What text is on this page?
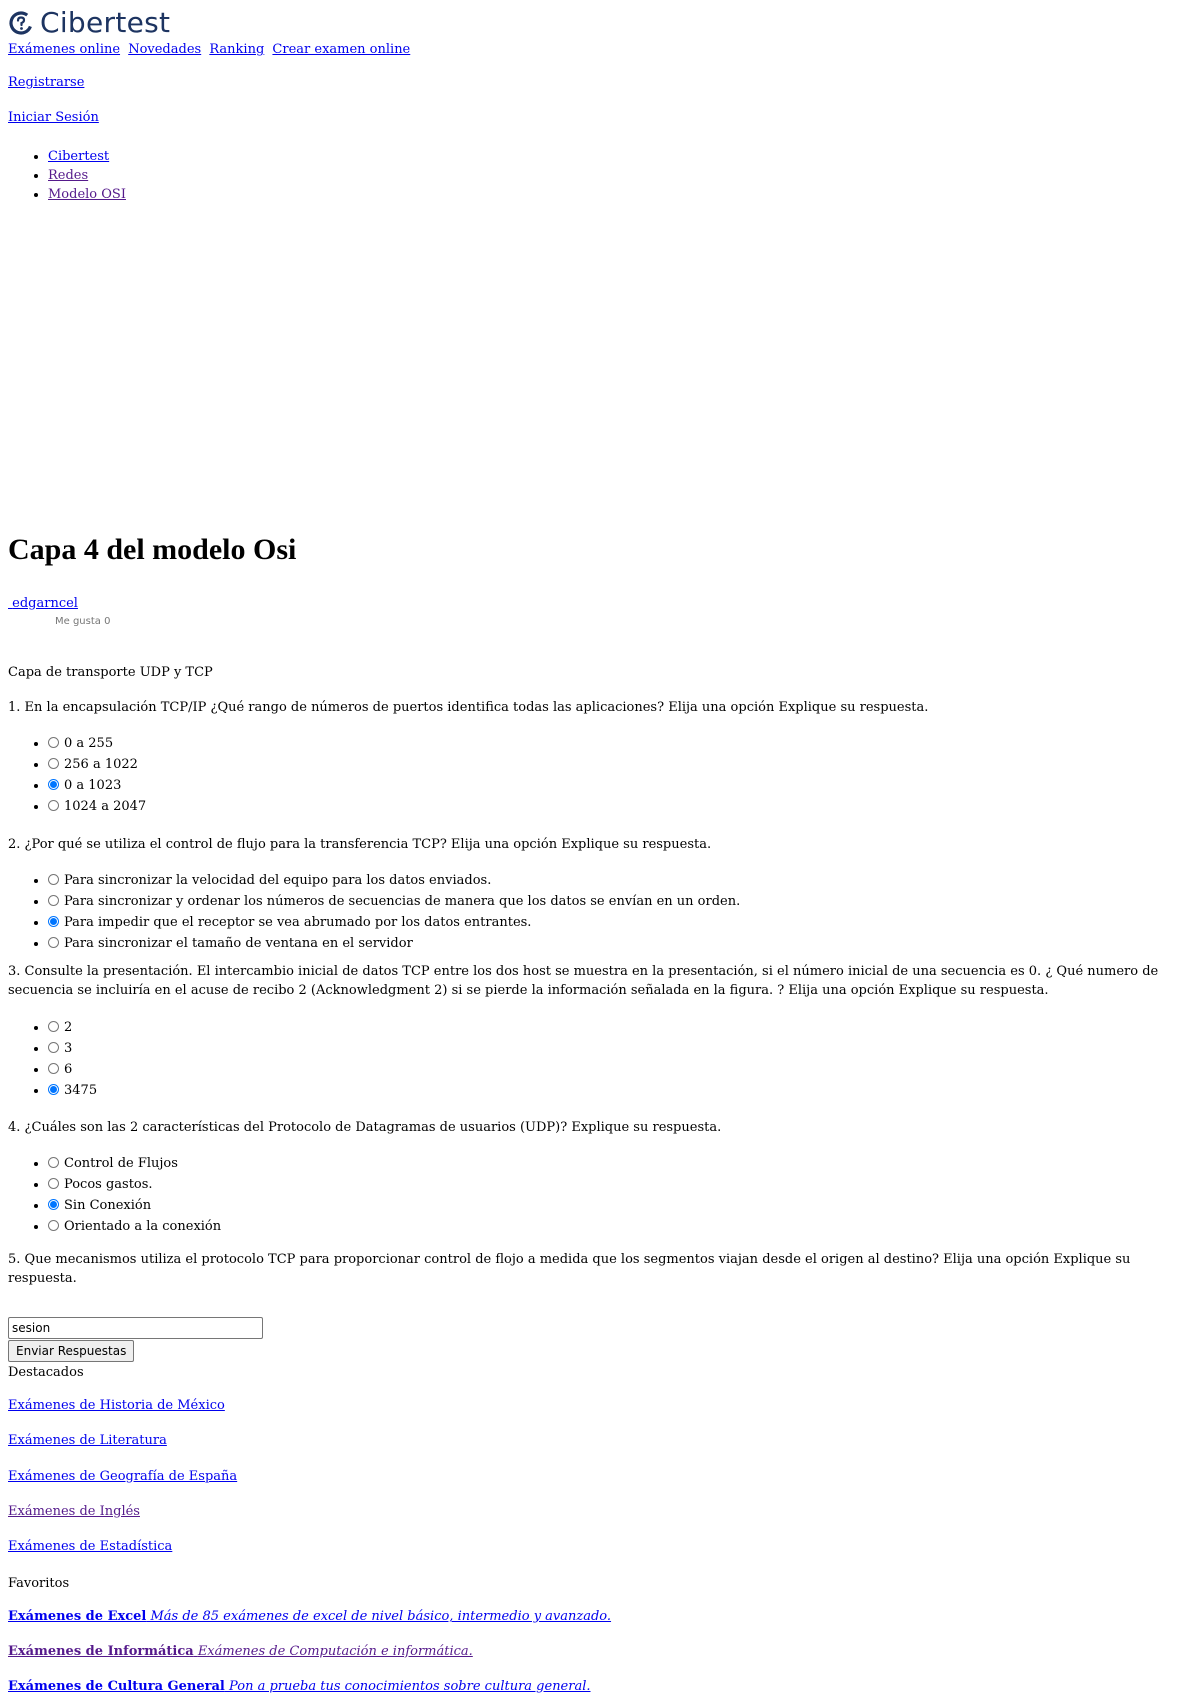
Cibertest
Exámenes online Novedades Ranking Crear examen online
Registrarse
Iniciar Sesión
• Cibertest
• Redes
• Modelo OSI
Capa 4 del modelo Osi
edgarncel
Me gusta 0
Capa de transporte UDP y TCP
1. En la encapsulación TCP/IP ¿Qué rango de números de puertos identifica todas las aplicaciones? Elija una opción Explique su respuesta.
• 0 a 255
• 256 a 1022
• 0 a 1023
• 1024 a 2047
2. ¿Por qué se utiliza el control de flujo para la transferencia TCP? Elija una opción Explique su respuesta.
• Para sincronizar la velocidad del equipo para los datos enviados.
• Para sincronizar y ordenar los números de secuencias de manera que los datos se envían en un orden.
• Para impedir que el receptor se vea abrumado por los datos entrantes.
• Para sincronizar el tamaño de ventana en el servidor
3. Consulte la presentación. El intercambio inicial de datos TCP entre los dos host se muestra en la presentación, si el número inicial de una secuencia es 0. ¿ Qué numero de secuencia se incluiría en el acuse de recibo 2 (Acknowledgment 2) si se pierde la información señalada en la figura. ? Elija una opción Explique su respuesta.
• 2
• 3
• 6
• 3475
4. ¿Cuáles son las 2 características del Protocolo de Datagramas de usuarios (UDP)? Explique su respuesta.
• Control de Flujos
• Pocos gastos.
• Sin Conexión
• Orientado a la conexión
5. Que mecanismos utiliza el protocolo TCP para proporcionar control de flojo a medida que los segmentos viajan desde el origen al destino? Elija una opción Explique su respuesta.
sesion
Enviar Respuestas
Destacados
Exámenes de Historia de México
Exámenes de Literatura
Exámenes de Geografía de España
Exámenes de Inglés
Exámenes de Estadística
Favoritos
Exámenes de Excel Más de 85 exámenes de excel de nivel básico, intermedio y avanzado.
Exámenes de Informática Exámenes de Computación e informática.
Exámenes de Cultura General Pon a prueba tus conocimientos sobre cultura general.
